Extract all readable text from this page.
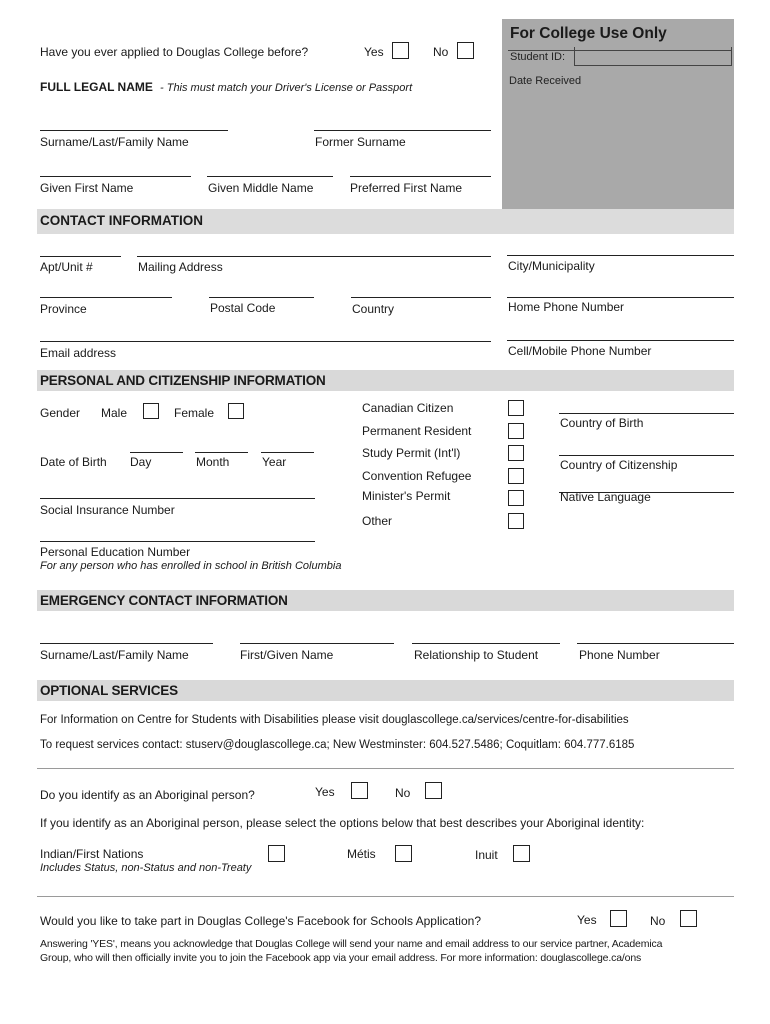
For College Use Only
Student ID:
Date Received
Have you ever applied to Douglas College before?	Yes	No
FULL LEGAL NAME - This must match your Driver's License or Passport
Surname/Last/Family Name	Former Surname
Given First Name	Given Middle Name	Preferred First Name
CONTACT INFORMATION
Apt/Unit #	Mailing Address	City/Municipality
Province	Postal Code	Country	Home Phone Number
Email address	Cell/Mobile Phone Number
PERSONAL AND CITIZENSHIP INFORMATION
Gender Male	Female
Date of Birth Day	Month	Year
Social Insurance Number
Personal Education Number
For any person who has enrolled in school in British Columbia
Canadian Citizen
Permanent Resident
Study Permit (Int'l)
Convention Refugee
Minister's Permit
Other
Country of Birth
Country of Citizenship
Native Language
EMERGENCY CONTACT INFORMATION
Surname/Last/Family Name	First/Given Name	Relationship to Student	Phone Number
OPTIONAL SERVICES
For Information on Centre for Students with Disabilities please visit douglascollege.ca/services/centre-for-disabilities
To request services contact: stuserv@douglascollege.ca; New Westminster: 604.527.5486; Coquitlam: 604.777.6185
Do you identify as an Aboriginal person?	Yes	No
If you identify as an Aboriginal person, please select the options below that best describes your Aboriginal identity:
Indian/First Nations
Includes Status, non-Status and non-Treaty
Métis	Inuit
Would you like to take part in Douglas College's Facebook for Schools Application?	Yes	No
Answering 'YES', means you acknowledge that Douglas College will send your name and email address to our service partner, Academica
Group, who will then officially invite you to join the Facebook app via your email address. For more information: douglascollege.ca/ons
